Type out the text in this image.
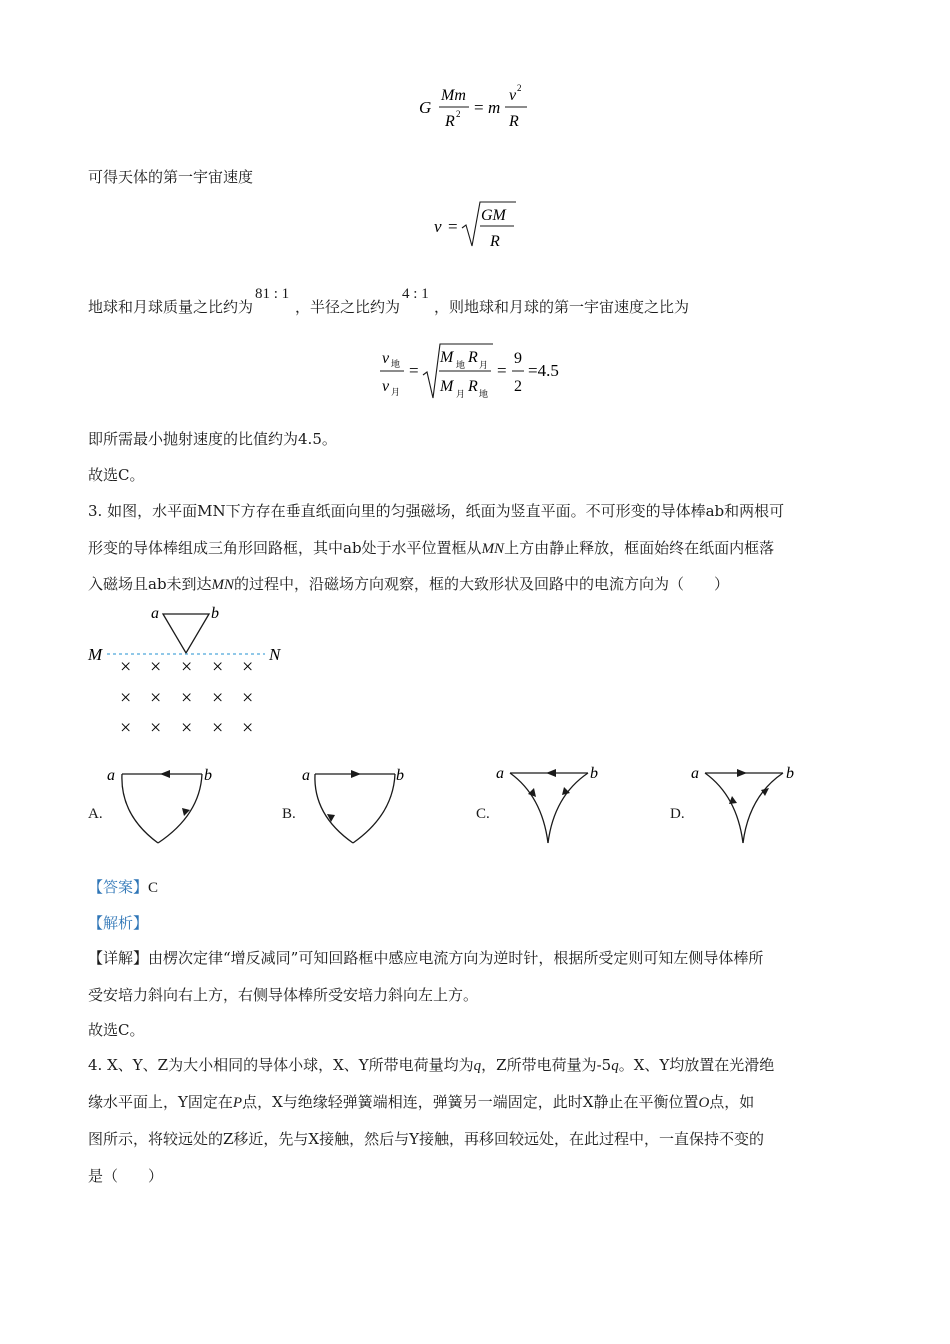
G
Mm
R 2 = m
v 2
R
可得天体的第一宇宙速度
v =
GM
R
地球和月球质量之比约为81 : 1，半径之比约为4 : 1，则地球和月球的第一宇宙速度之比为
v 地
v 月
=
M 地 R 月
M 月 R 地
=
9
2
=4.5
即所需最小抛射速度的比值约为4.5。
故选C。
3. 如图，水平面MN下方存在垂直纸面向里的匀强磁场，纸面为竖直平面。不可形变的导体棒ab和两根可
形变的导体棒组成三角形回路框，其中ab处于水平位置框从MN上方由静止释放，框面始终在纸面内框落
入磁场且ab未到达MN的过程中，沿磁场方向观察，框的大致形状及回路中的电流方向为（　　）
a	b
M	N
× × × × ×
× × × × ×
× × × × ×
A.
a	b
B.
a	b
C.
a	b
D.
a	b
【答案】C
【解析】
【详解】由楞次定律“增反减同”可知回路框中感应电流方向为逆时针，根据所受定则可知左侧导体棒所
受安培力斜向右上方，右侧导体棒所受安培力斜向左上方。
故选C。
4. X、Y、Z为大小相同的导体小球，X、Y所带电荷量均为q，Z所带电荷量为-5q。X、Y均放置在光滑绝
缘水平面上，Y固定在P点，X与绝缘轻弹簧端相连，弹簧另一端固定，此时X静止在平衡位置O点，如
图所示，将较远处的Z移近，先与X接触，然后与Y接触，再移回较远处，在此过程中，一直保持不变的
是（　　）
